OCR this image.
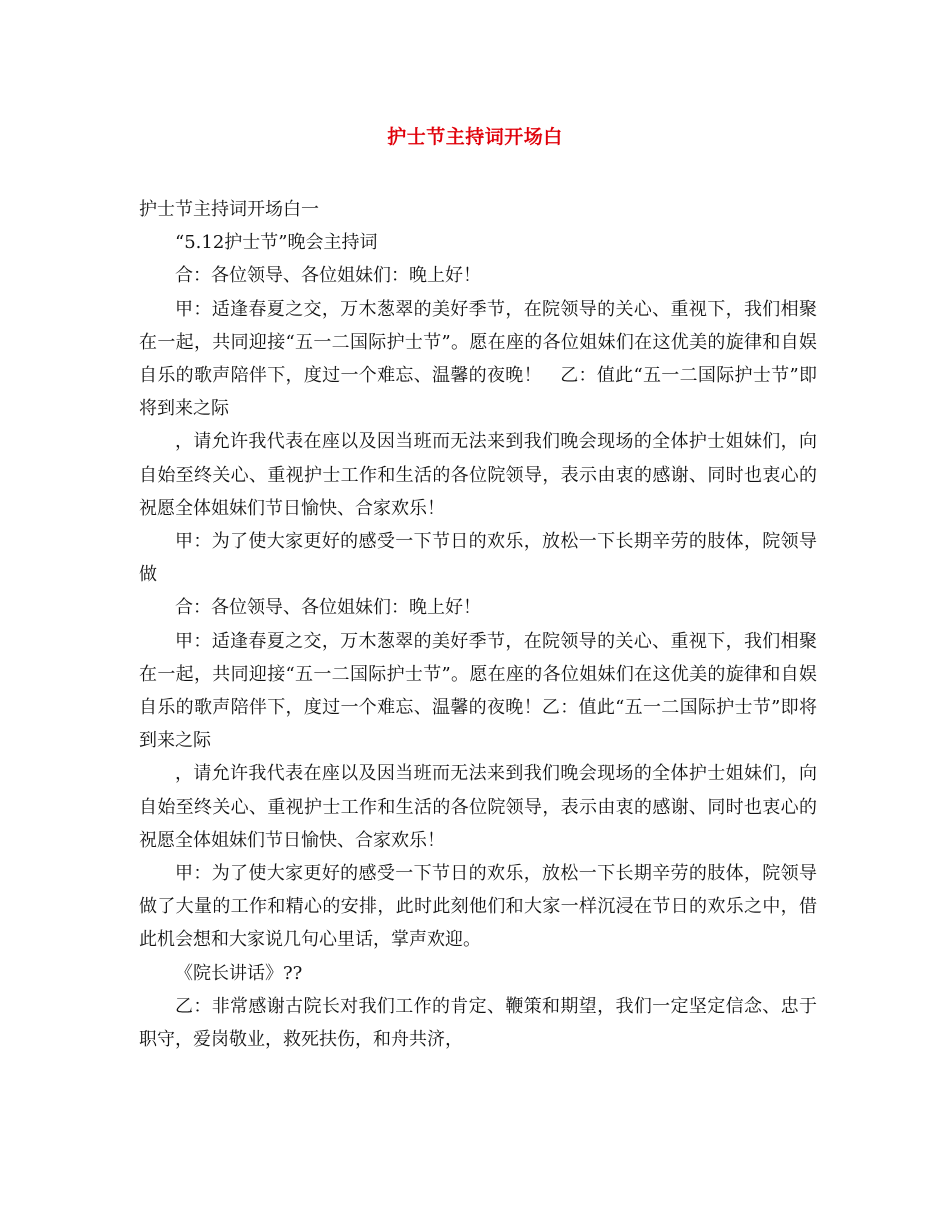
护士节主持词开场白

护士节主持词开场白一

“5.12护士节”晚会主持词

合：各位领导、各位姐妹们：晚上好！

甲：适逢春夏之交，万木葱翠的美好季节，在院领导的关心、重视下，我们相聚在一起，共同迎接“五一二国际护士节”。愿在座的各位姐妹们在这优美的旋律和自娱自乐的歌声陪伴下，度过一个难忘、温馨的夜晚！　乙：值此“五一二国际护士节”即将到来之际

，请允许我代表在座以及因当班而无法来到我们晚会现场的全体护士姐妹们，向自始至终关心、重视护士工作和生活的各位院领导，表示由衷的感谢、同时也衷心的祝愿全体姐妹们节日愉快、合家欢乐！

甲：为了使大家更好的感受一下节日的欢乐，放松一下长期辛劳的肢体，院领导做

合：各位领导、各位姐妹们：晚上好！

甲：适逢春夏之交，万木葱翠的美好季节，在院领导的关心、重视下，我们相聚在一起，共同迎接“五一二国际护士节”。愿在座的各位姐妹们在这优美的旋律和自娱自乐的歌声陪伴下，度过一个难忘、温馨的夜晚！乙：值此“五一二国际护士节”即将到来之际

，请允许我代表在座以及因当班而无法来到我们晚会现场的全体护士姐妹们，向自始至终关心、重视护士工作和生活的各位院领导，表示由衷的感谢、同时也衷心的祝愿全体姐妹们节日愉快、合家欢乐！

甲：为了使大家更好的感受一下节日的欢乐，放松一下长期辛劳的肢体，院领导做了大量的工作和精心的安排，此时此刻他们和大家一样沉浸在节日的欢乐之中，借此机会想和大家说几句心里话，掌声欢迎。

《院长讲话》??

乙：非常感谢古院长对我们工作的肯定、鞭策和期望，我们一定坚定信念、忠于职守，爱岗敬业，救死扶伤，和舟共济，
